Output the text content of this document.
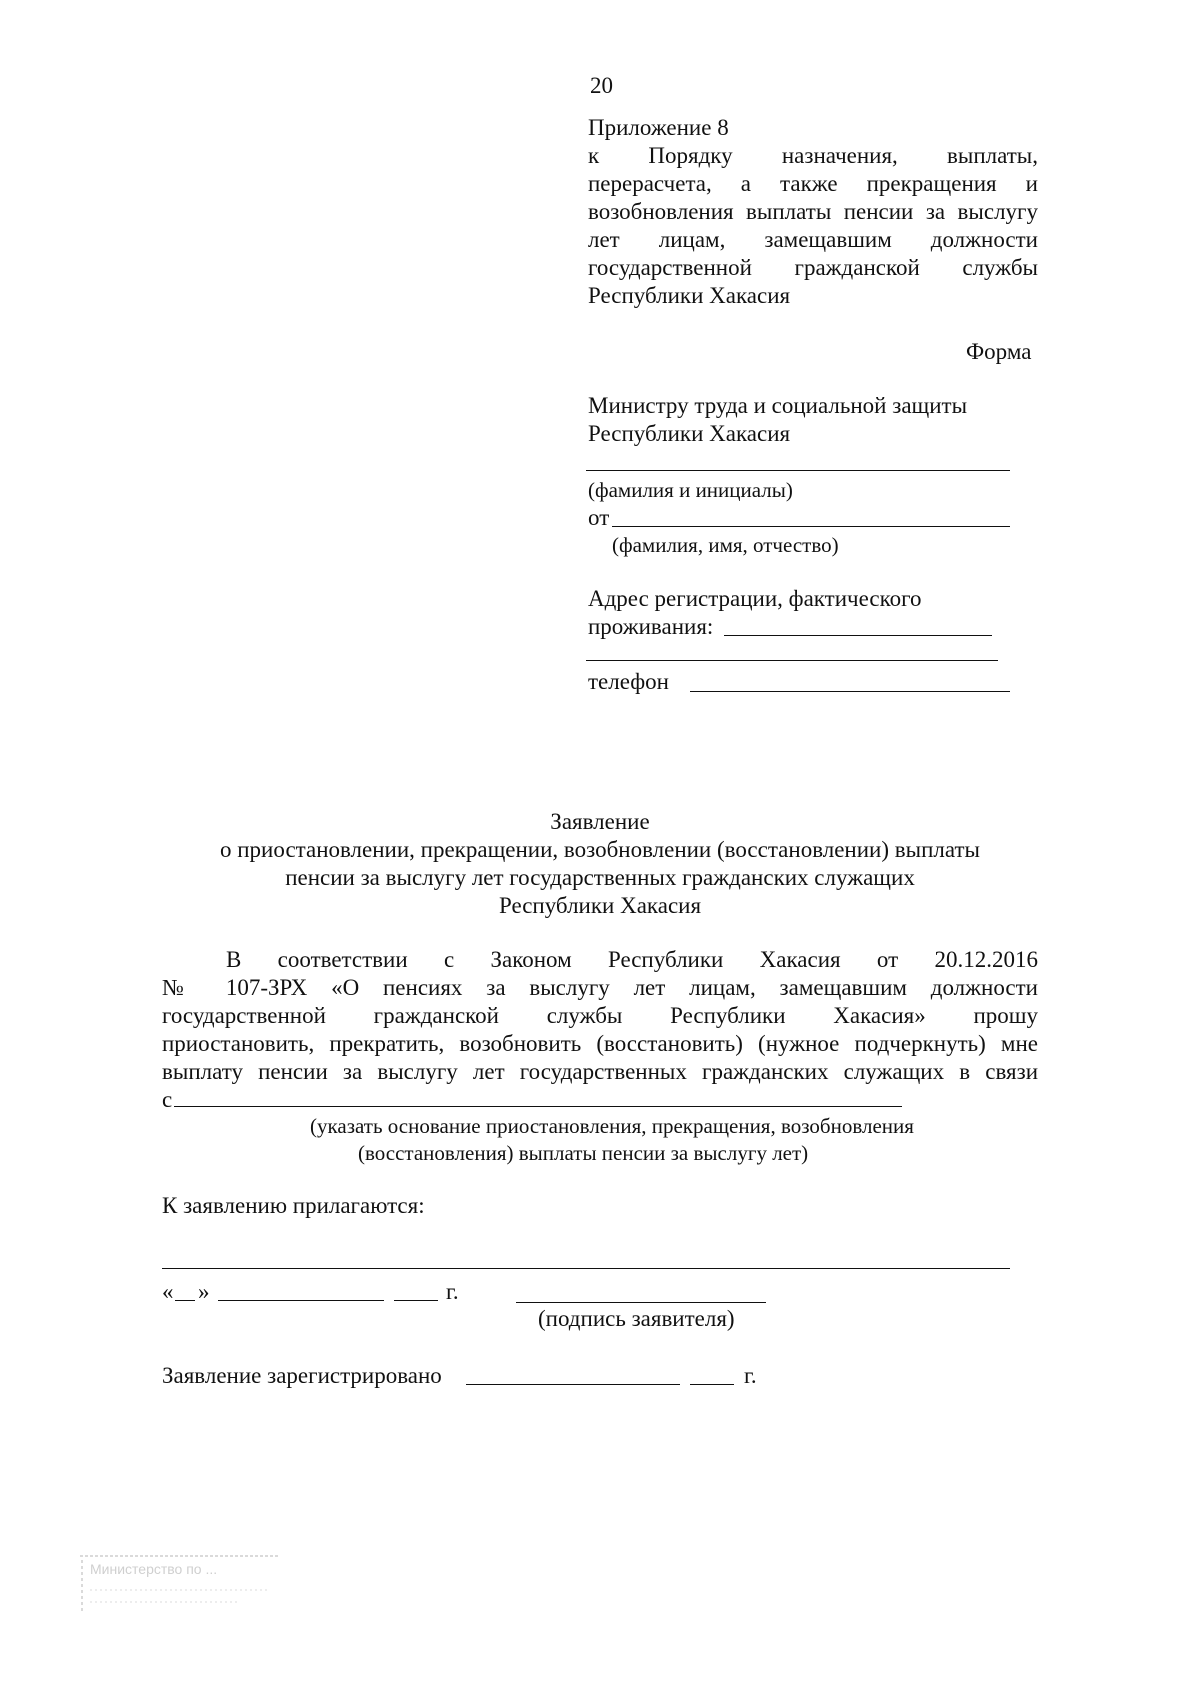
20
Приложение 8
к Порядку назначения, выплаты,
перерасчета, а также прекращения и
возобновления выплаты пенсии за выслугу
лет лицам, замещавшим должности
государственной гражданской службы
Республики Хакасия
Форма
Министру труда и социальной защиты
Республики Хакасия
(фамилия и инициалы)
от
(фамилия, имя, отчество)
Адрес регистрации, фактического
проживания:
телефон
Заявление
о приостановлении, прекращении, возобновлении (восстановлении) выплаты
пенсии за выслугу лет государственных гражданских служащих
Республики Хакасия
В соответствии с Законом Республики Хакасия от 20.12.2016
№ 107-ЗРХ «О пенсиях за выслугу лет лицам, замещавшим должности
государственной гражданской службы Республики Хакасия» прошу
приостановить, прекратить, возобновить (восстановить) (нужное подчеркнуть) мне
выплату пенсии за выслугу лет государственных гражданских служащих в связи
с
(указать основание приостановления, прекращения, возобновления
(восстановления) выплаты пенсии за выслугу лет)
К заявлению прилагаются:
« »	г.
(подпись заявителя)
Заявление зарегистрировано	г.
Министерство по ...
